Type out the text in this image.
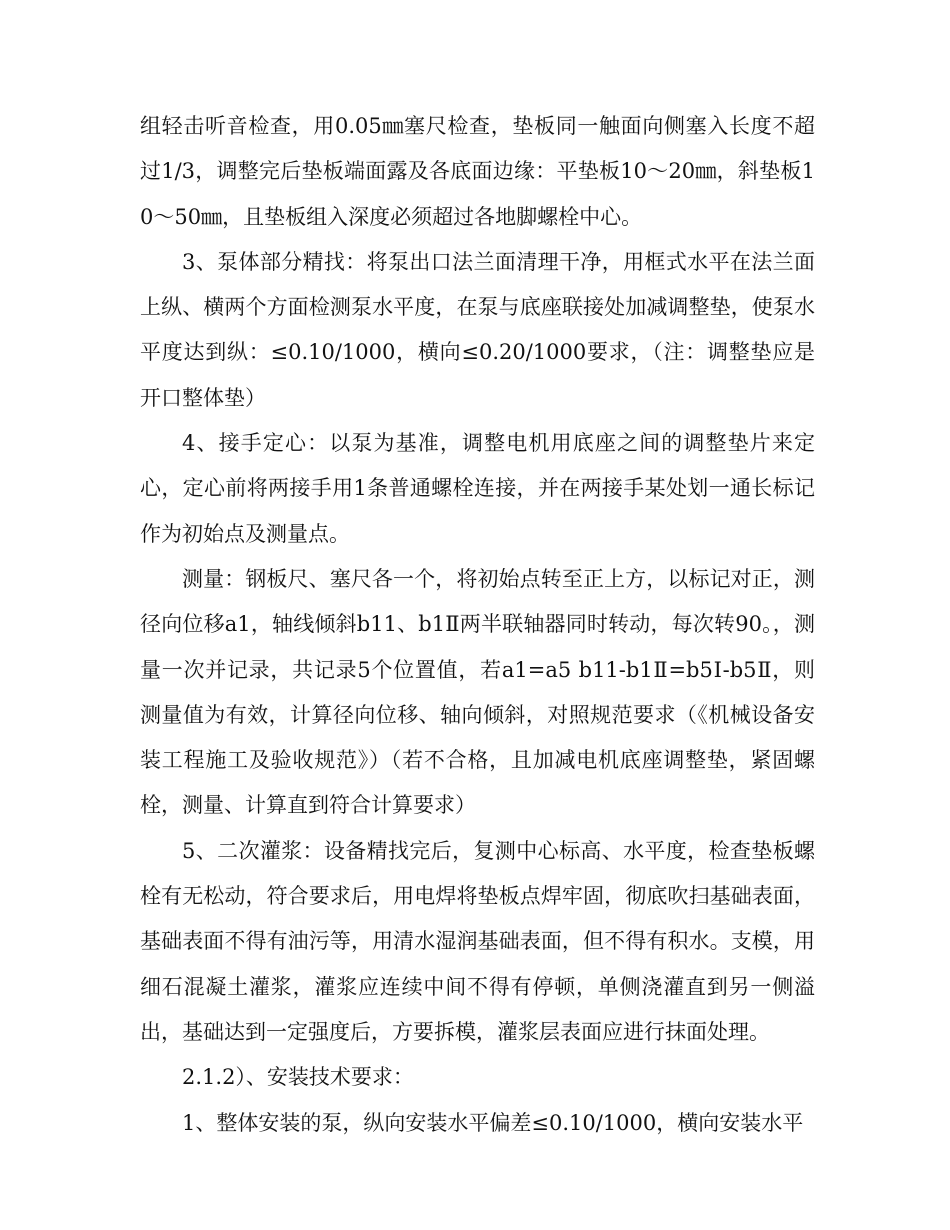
组轻击听音检查，用0.05㎜塞尺检查，垫板同一触面向侧塞入长度不超过1/3，调整完后垫板端面露及各底面边缘：平垫板10～20㎜，斜垫板10～50㎜，且垫板组入深度必须超过各地脚螺栓中心。

3、泵体部分精找：将泵出口法兰面清理干净，用框式水平在法兰面上纵、横两个方面检测泵水平度，在泵与底座联接处加减调整垫，使泵水平度达到纵：≤0.10/1000，横向≤0.20/1000要求，（注：调整垫应是开口整体垫）

4、接手定心：以泵为基准，调整电机用底座之间的调整垫片来定心，定心前将两接手用1条普通螺栓连接，并在两接手某处划一通长标记作为初始点及测量点。

测量：钢板尺、塞尺各一个，将初始点转至正上方，以标记对正，测径向位移a1，轴线倾斜b11、b1Ⅱ两半联轴器同时转动，每次转90。，测量一次并记录，共记录5个位置值，若a1=a5 b11-b1Ⅱ=b5Ⅰ-b5Ⅱ，则测量值为有效，计算径向位移、轴向倾斜，对照规范要求（《机械设备安装工程施工及验收规范》）（若不合格，且加减电机底座调整垫，紧固螺栓，测量、计算直到符合计算要求）

5、二次灌浆：设备精找完后，复测中心标高、水平度，检查垫板螺栓有无松动，符合要求后，用电焊将垫板点焊牢固，彻底吹扫基础表面，基础表面不得有油污等，用清水湿润基础表面，但不得有积水。支模，用细石混凝土灌浆，灌浆应连续中间不得有停顿，单侧浇灌直到另一侧溢出，基础达到一定强度后，方要拆模，灌浆层表面应进行抹面处理。

2.1.2）、安装技术要求：

1、整体安装的泵，纵向安装水平偏差≤0.10/1000，横向安装水平
